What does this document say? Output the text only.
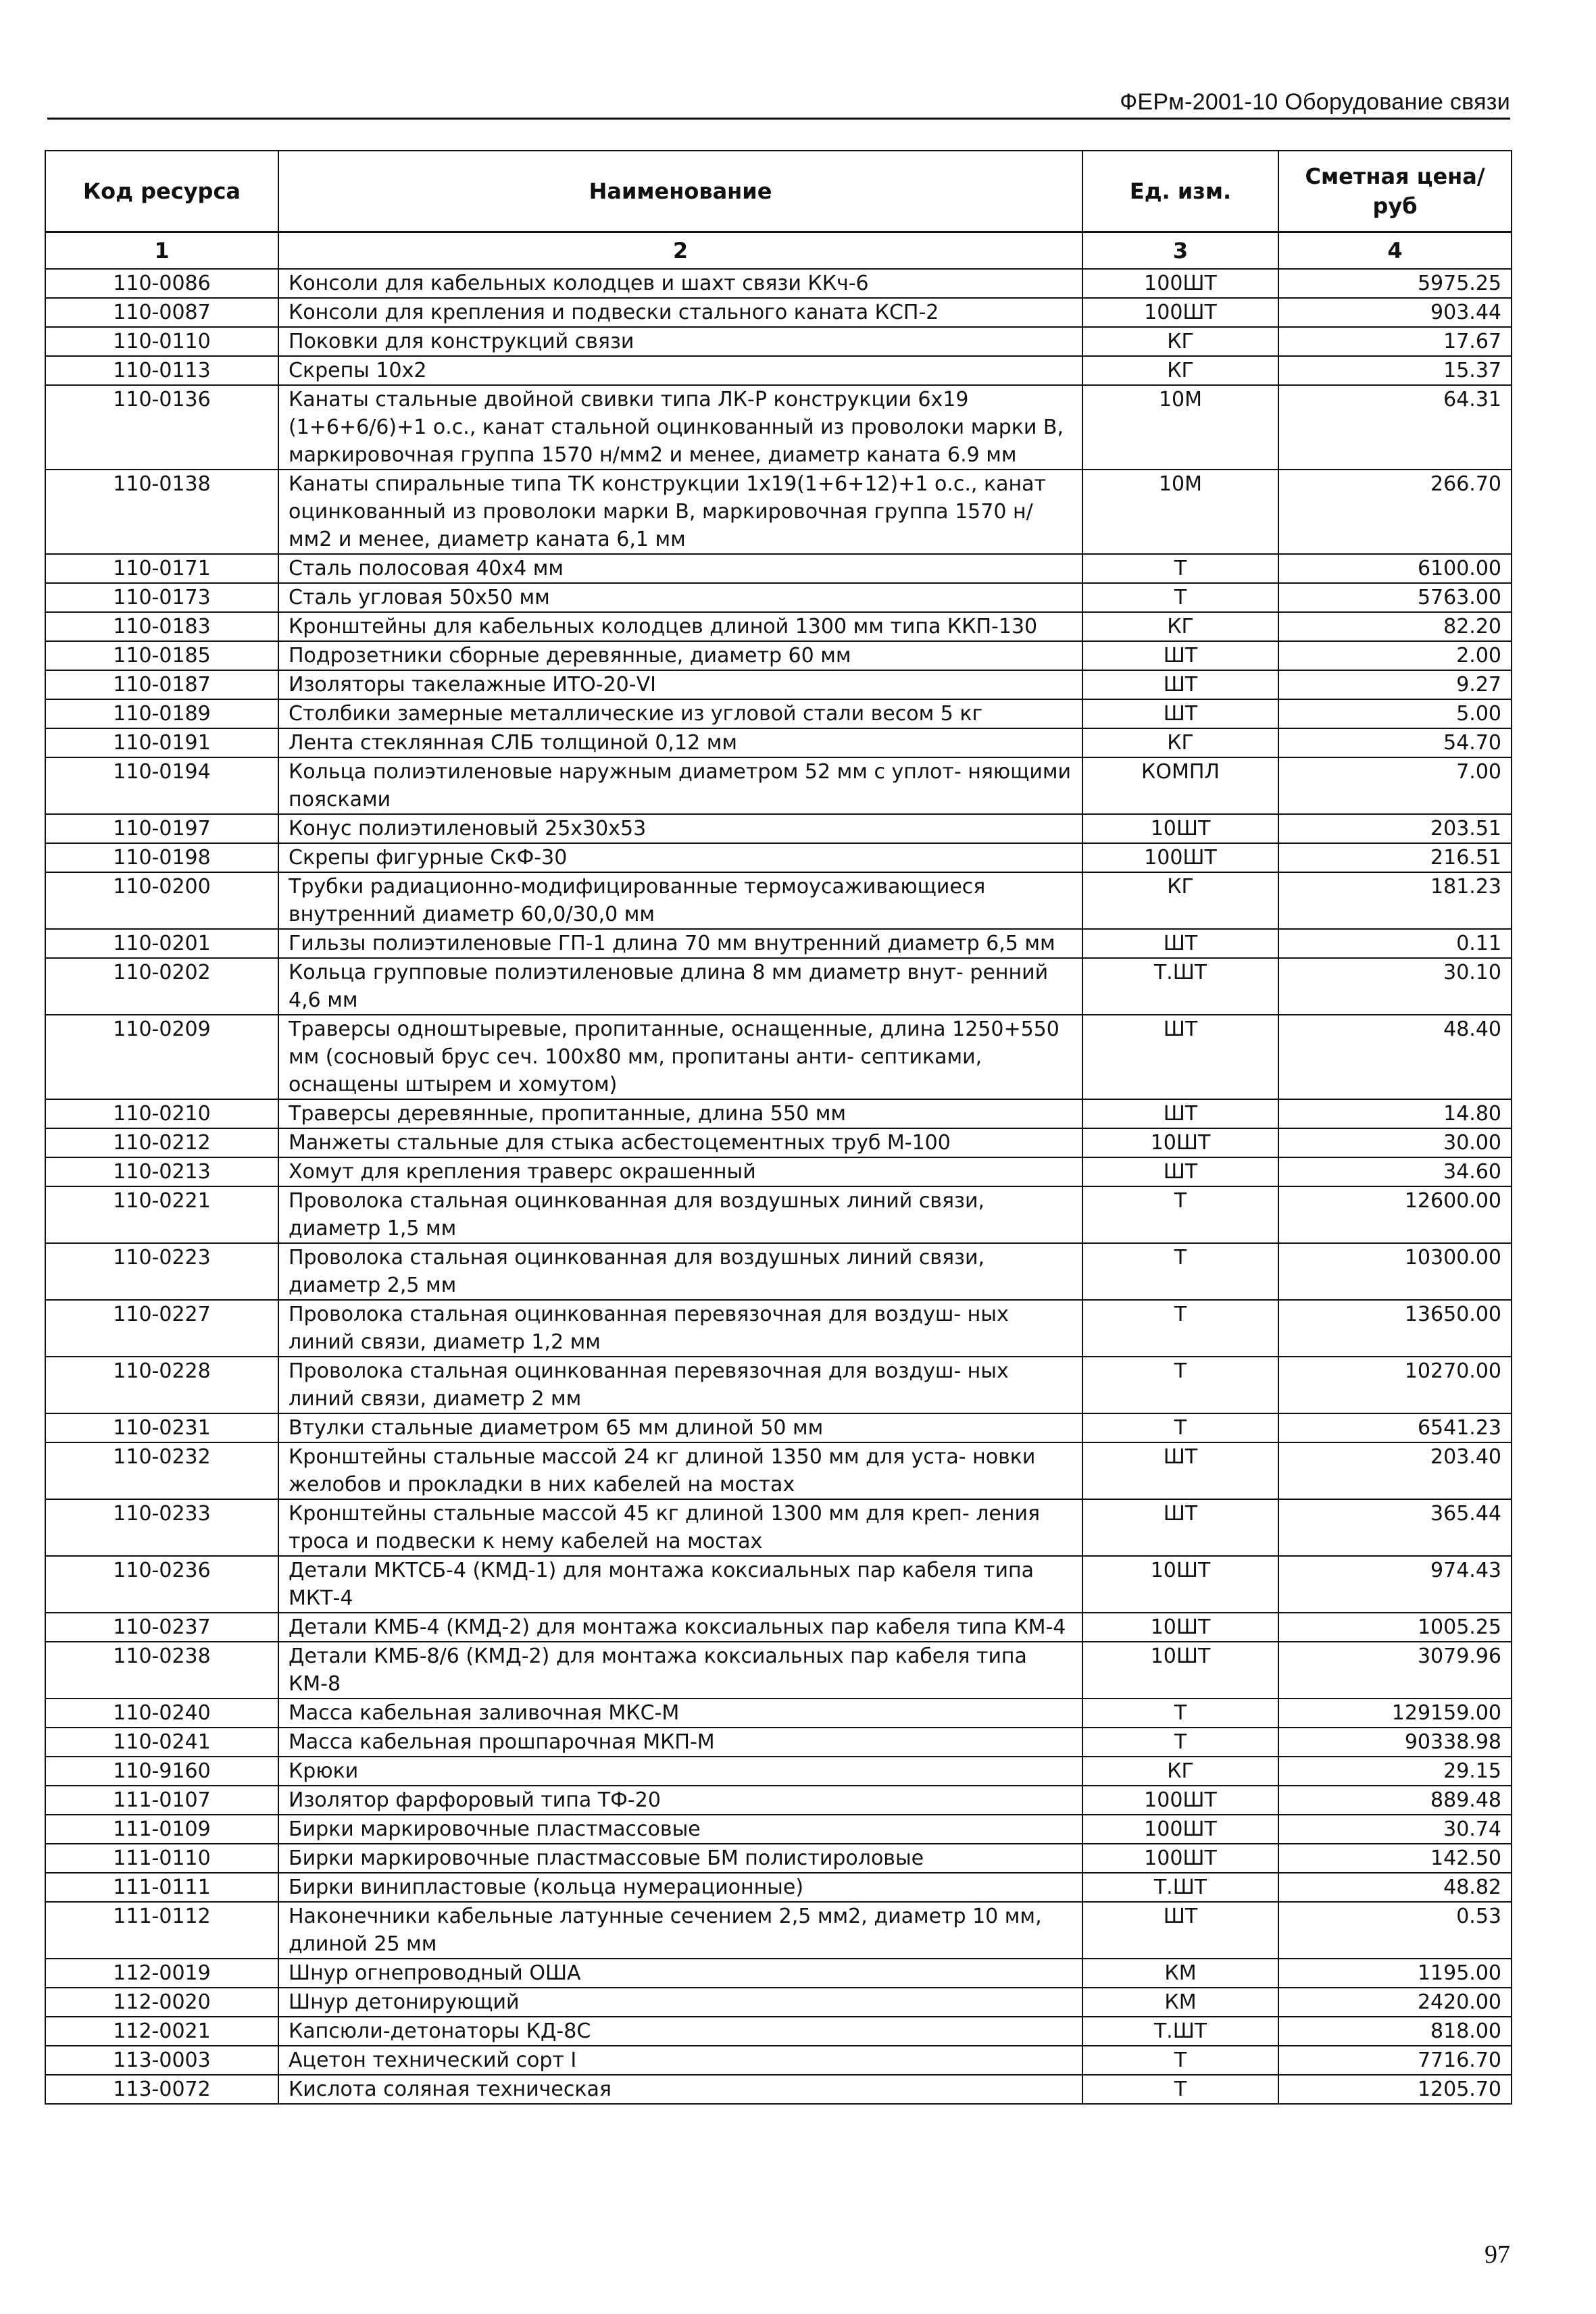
ФЕРм-2001-10 Оборудование связи
Код ресурса	Наименование	Ед. изм.	Сметная цена/руб
1	2	3	4
110-0086	Консоли для кабельных колодцев и шахт связи ККч-6	100ШТ	5975.25
110-0087	Консоли для крепления и подвески стального каната КСП-2	100ШТ	903.44
110-0110	Поковки для конструкций связи	КГ	17.67
110-0113	Скрепы 10х2	КГ	15.37
110-0136	Канаты стальные двойной свивки типа ЛК-Р конструкции 6х19 (1+6+6/6)+1 о.с., канат стальной оцинкованный из проволоки марки В, маркировочная группа 1570 н/мм2 и менее, диаметр каната 6.9 мм	10М	64.31
110-0138	Канаты спиральные типа ТК конструкции 1х19(1+6+12)+1 о.с., канат оцинкованный из проволоки марки В, маркировочная группа 1570 н/мм2 и менее, диаметр каната 6,1 мм	10М	266.70
110-0171	Сталь полосовая 40х4 мм	Т	6100.00
110-0173	Сталь угловая 50х50 мм	Т	5763.00
110-0183	Кронштейны для кабельных колодцев длиной 1300 мм типа ККП-130	КГ	82.20
110-0185	Подрозетники сборные деревянные, диаметр 60 мм	ШТ	2.00
110-0187	Изоляторы такелажные ИТО-20-VI	ШТ	9.27
110-0189	Столбики замерные металлические из угловой стали весом 5 кг	ШТ	5.00
110-0191	Лента стеклянная СЛБ толщиной 0,12 мм	КГ	54.70
110-0194	Кольца полиэтиленовые наружным диаметром 52 мм с уплот- няющими поясками	КОМПЛ	7.00
110-0197	Конус полиэтиленовый 25х30х53	10ШТ	203.51
110-0198	Скрепы фигурные СкФ-30	100ШТ	216.51
110-0200	Трубки радиационно-модифицированные термоусаживающиеся внутренний диаметр 60,0/30,0 мм	КГ	181.23
110-0201	Гильзы полиэтиленовые ГП-1 длина 70 мм внутренний диаметр 6,5 мм	ШТ	0.11
110-0202	Кольца групповые полиэтиленовые длина 8 мм диаметр внут- ренний 4,6 мм	Т.ШТ	30.10
110-0209	Траверсы одноштыревые, пропитанные, оснащенные, длина 1250+550 мм (сосновый брус сеч. 100х80 мм, пропитаны анти- септиками, оснащены штырем и хомутом)	ШТ	48.40
110-0210	Траверсы деревянные, пропитанные, длина 550 мм	ШТ	14.80
110-0212	Манжеты стальные для стыка асбестоцементных труб М-100	10ШТ	30.00
110-0213	Хомут для крепления траверс окрашенный	ШТ	34.60
110-0221	Проволока стальная оцинкованная для воздушных линий связи, диаметр 1,5 мм	Т	12600.00
110-0223	Проволока стальная оцинкованная для воздушных линий связи, диаметр 2,5 мм	Т	10300.00
110-0227	Проволока стальная оцинкованная перевязочная для воздуш- ных линий связи, диаметр 1,2 мм	Т	13650.00
110-0228	Проволока стальная оцинкованная перевязочная для воздуш- ных линий связи, диаметр 2 мм	Т	10270.00
110-0231	Втулки стальные диаметром 65 мм длиной 50 мм	Т	6541.23
110-0232	Кронштейны стальные массой 24 кг длиной 1350 мм для уста- новки желобов и прокладки в них кабелей на мостах	ШТ	203.40
110-0233	Кронштейны стальные массой 45 кг длиной 1300 мм для креп- ления троса и подвески к нему кабелей на мостах	ШТ	365.44
110-0236	Детали МКТСБ-4 (КМД-1) для монтажа коксиальных пар кабеля типа МКТ-4	10ШТ	974.43
110-0237	Детали КМБ-4 (КМД-2) для монтажа коксиальных пар кабеля типа КМ-4	10ШТ	1005.25
110-0238	Детали КМБ-8/6 (КМД-2) для монтажа коксиальных пар кабеля типа КМ-8	10ШТ	3079.96
110-0240	Масса кабельная заливочная МКС-М	Т	129159.00
110-0241	Масса кабельная прошпарочная МКП-М	Т	90338.98
110-9160	Крюки	КГ	29.15
111-0107	Изолятор фарфоровый типа ТФ-20	100ШТ	889.48
111-0109	Бирки маркировочные пластмассовые	100ШТ	30.74
111-0110	Бирки маркировочные пластмассовые БМ полистироловые	100ШТ	142.50
111-0111	Бирки винипластовые (кольца нумерационные)	Т.ШТ	48.82
111-0112	Наконечники кабельные латунные сечением 2,5 мм2, диаметр 10 мм, длиной 25 мм	ШТ	0.53
112-0019	Шнур огнепроводный ОША	КМ	1195.00
112-0020	Шнур детонирующий	КМ	2420.00
112-0021	Капсюли-детонаторы КД-8С	Т.ШТ	818.00
113-0003	Ацетон технический сорт I	Т	7716.70
113-0072	Кислота соляная техническая	Т	1205.70
97
